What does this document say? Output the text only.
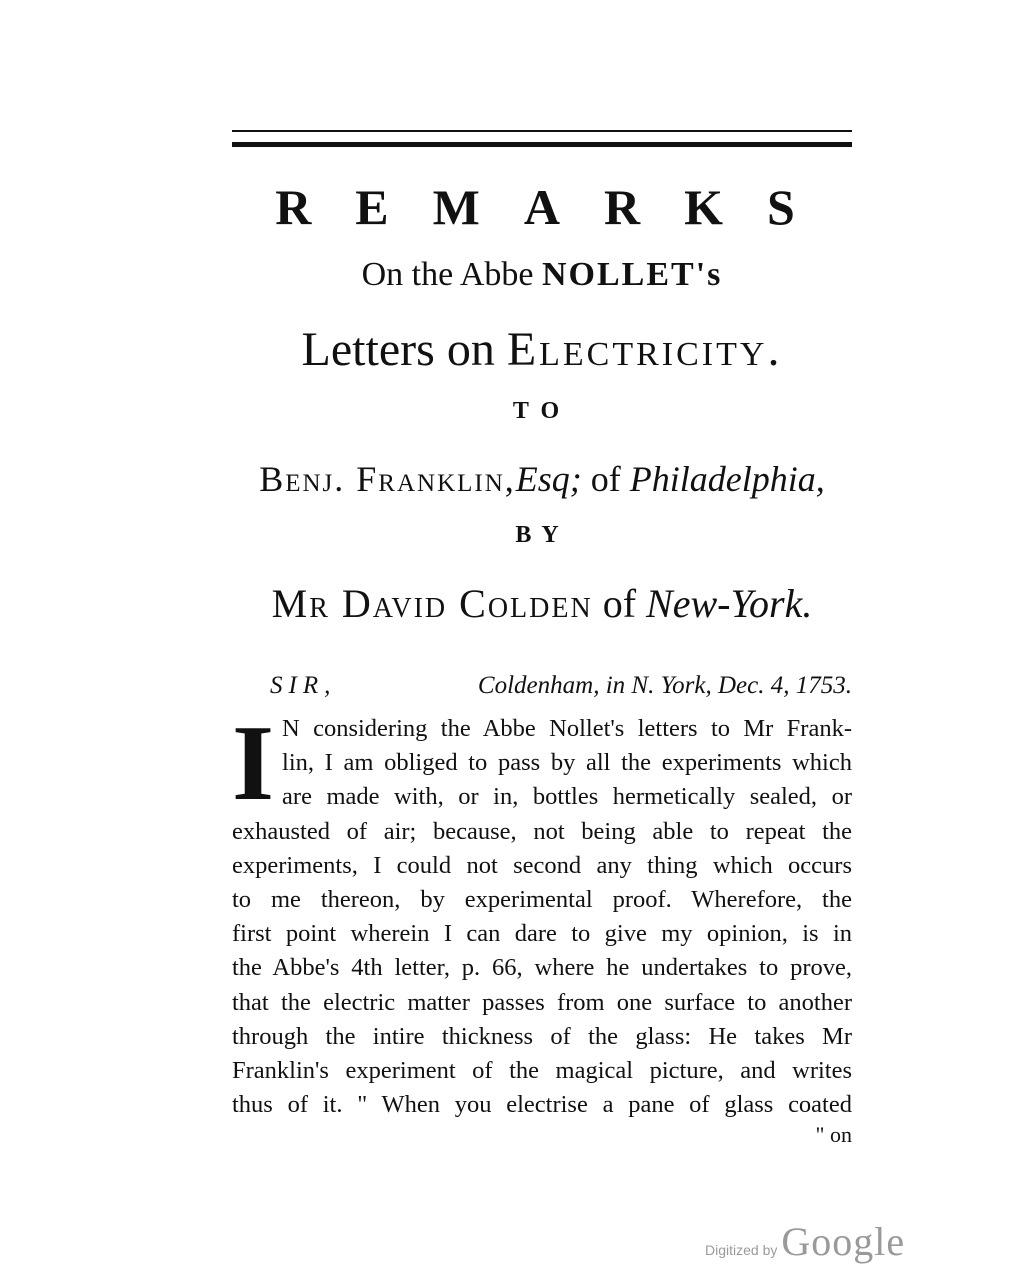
REMARKS
On the Abbe NOLLET's
Letters on Electricity.
TO
Benj. Franklin,Esq; of Philadelphia,
BY
Mr David Colden of New-York.
SIR,	Coldenham, in N. York, Dec. 4, 1753.
I N considering the Abbe Nollet's letters to Mr Frank-

lin, I am obliged to pass by all the experiments which

are made with, or in, bottles hermetically sealed, or

exhausted of air; because, not being able to repeat the

experiments, I could not second any thing which occurs

to me thereon, by experimental proof. Wherefore, the

first point wherein I can dare to give my opinion, is in

the Abbe's 4th letter, p. 66, where he undertakes to prove,

that the electric matter passes from one surface to another

through the intire thickness of the glass: He takes Mr

Franklin's experiment of the magical picture, and writes

thus of it. " When you electrise a pane of glass coated

" on
Digitized by Google
